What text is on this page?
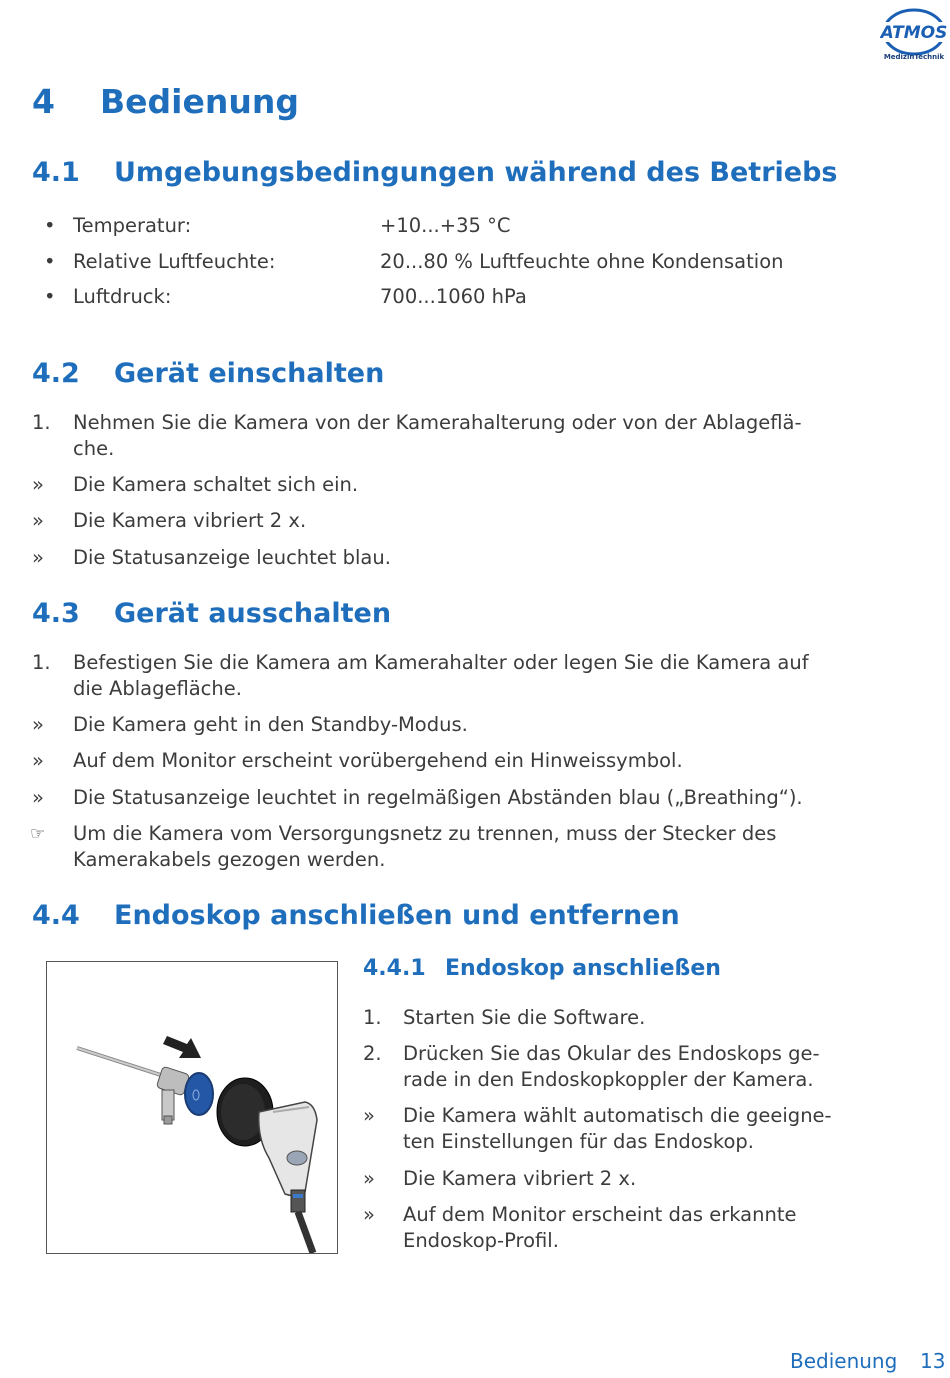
ATMOS
MedizinTechnik
4 Bedienung
4.1 Umgebungsbedingungen während des Betriebs
• Temperatur:	+10...+35 °C
• Relative Luftfeuchte:	20...80 % Luftfeuchte ohne Kondensation
• Luftdruck:	700...1060 hPa
4.2 Gerät einschalten
1. Nehmen Sie die Kamera von der Kamerahalterung oder von der Ablageflä-
che.
» Die Kamera schaltet sich ein.
» Die Kamera vibriert 2 x.
» Die Statusanzeige leuchtet blau.
4.3 Gerät ausschalten
1. Befestigen Sie die Kamera am Kamerahalter oder legen Sie die Kamera auf
die Ablagefläche.
» Die Kamera geht in den Standby-Modus.
» Auf dem Monitor erscheint vorübergehend ein Hinweissymbol.
» Die Statusanzeige leuchtet in regelmäßigen Abständen blau („Breathing“).
☞ Um die Kamera vom Versorgungsnetz zu trennen, muss der Stecker des
Kamerakabels gezogen werden.
4.4 Endoskop anschließen und entfernen
4.4.1 Endoskop anschließen
1. Starten Sie die Software.
2. Drücken Sie das Okular des Endoskops ge-
rade in den Endoskopkoppler der Kamera.
» Die Kamera wählt automatisch die geeigne-
ten Einstellungen für das Endoskop.
» Die Kamera vibriert 2 x.
» Auf dem Monitor erscheint das erkannte
Endoskop-Profil.
Bedienung 13
